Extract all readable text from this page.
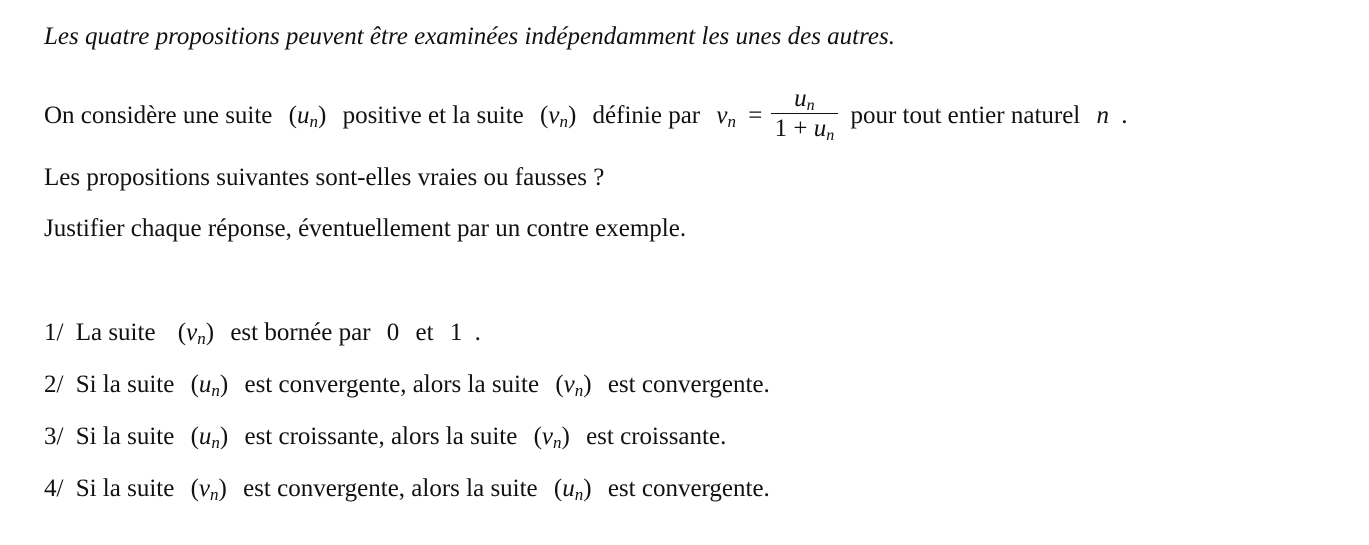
Les quatre propositions peuvent être examinées indépendamment les unes des autres.
On considère une suite $(u_n)$ positive et la suite $(v_n)$ définie par $v_n = \frac{u_n}{1 + u_n}$ pour tout entier naturel n .
Les propositions suivantes sont-elles vraies ou fausses ?
Justifier chaque réponse, éventuellement par un contre exemple.
1/ La suite $(v_n)$ est bornée par 0 et 1 .
2/ Si la suite $(u_n)$ est convergente, alors la suite $(v_n)$ est convergente.
3/ Si la suite $(u_n)$ est croissante, alors la suite $(v_n)$ est croissante.
4/ Si la suite $(v_n)$ est convergente, alors la suite $(u_n)$ est convergente.
